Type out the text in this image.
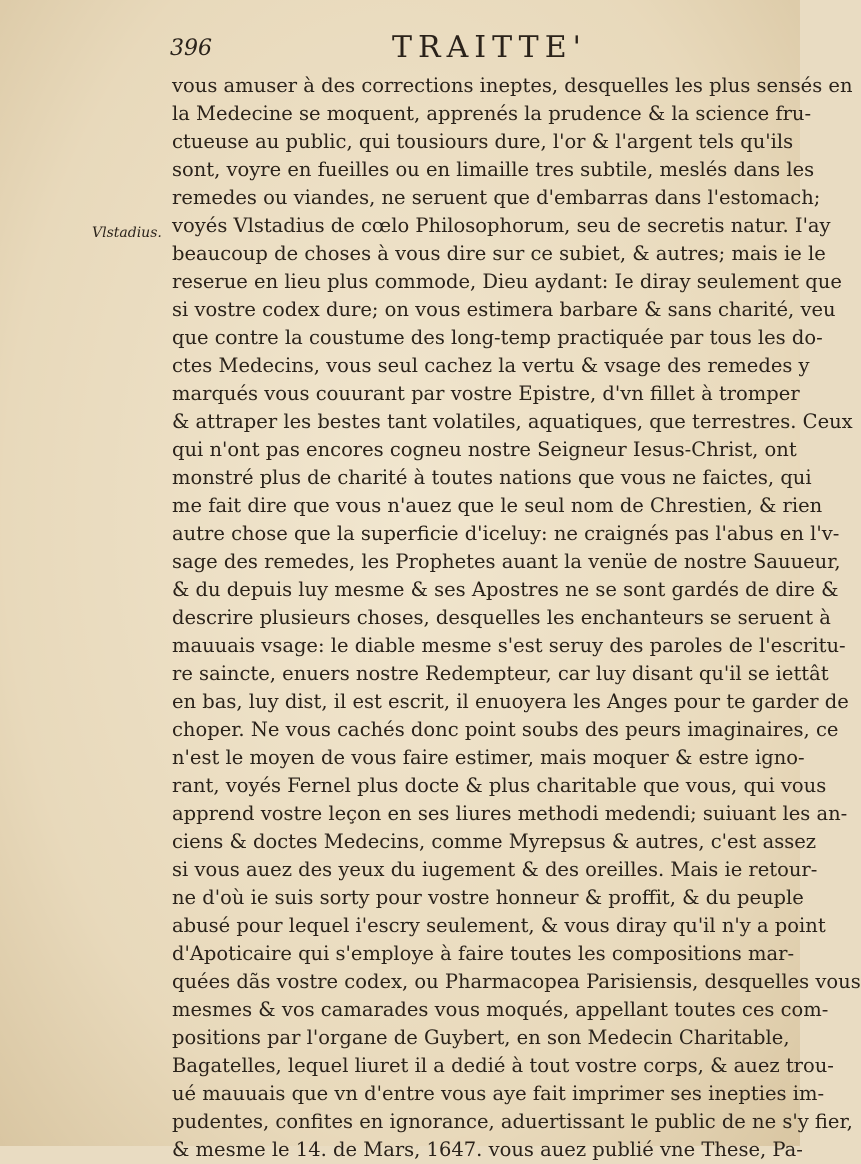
396	TRAITTE'
Vlstadius.
vous amuser à des corrections ineptes, desquelles les plus sensés en
la Medecine se moquent, apprenés la prudence & la science fru-
ctueuse au public, qui tousiours dure, l'or & l'argent tels qu'ils
sont, voyre en fueilles ou en limaille tres subtile, meslés dans les
remedes ou viandes, ne seruent que d'embarras dans l'estomach;
voyés Vlstadius de cœlo Philosophorum, seu de secretis natur. I'ay
beaucoup de choses à vous dire sur ce subiet, & autres; mais ie le
reserue en lieu plus commode, Dieu aydant: Ie diray seulement que
si vostre codex dure; on vous estimera barbare & sans charité, veu
que contre la coustume des long-temp practiquée par tous les do-
ctes Medecins, vous seul cachez la vertu & vsage des remedes y
marqués vous couurant par vostre Epistre, d'vn fillet à tromper
& attraper les bestes tant volatiles, aquatiques, que terrestres. Ceux
qui n'ont pas encores cogneu nostre Seigneur Iesus-Christ, ont
monstré plus de charité à toutes nations que vous ne faictes, qui
me fait dire que vous n'auez que le seul nom de Chrestien, & rien
autre chose que la superficie d'iceluy: ne craignés pas l'abus en l'v-
sage des remedes, les Prophetes auant la venüe de nostre Sauueur,
& du depuis luy mesme & ses Apostres ne se sont gardés de dire &
descrire plusieurs choses, desquelles les enchanteurs se seruent à
mauuais vsage: le diable mesme s'est seruy des paroles de l'escritu-
re saincte, enuers nostre Redempteur, car luy disant qu'il se iettât
en bas, luy dist, il est escrit, il enuoyera les Anges pour te garder de
choper. Ne vous cachés donc point soubs des peurs imaginaires, ce
n'est le moyen de vous faire estimer, mais moquer & estre igno-
rant, voyés Fernel plus docte & plus charitable que vous, qui vous
apprend vostre leçon en ses liures methodi medendi; suiuant les an-
ciens & doctes Medecins, comme Myrepsus & autres, c'est assez
si vous auez des yeux du iugement & des oreilles. Mais ie retour-
ne d'où ie suis sorty pour vostre honneur & proffit, & du peuple
abusé pour lequel i'escry seulement, & vous diray qu'il n'y a point
d'Apoticaire qui s'employe à faire toutes les compositions mar-
quées dãs vostre codex, ou Pharmacopea Parisiensis, desquelles vous
mesmes & vos camarades vous moqués, appellant toutes ces com-
positions par l'organe de Guybert, en son Medecin Charitable,
Bagatelles, lequel liuret il a dedié à tout vostre corps, & auez trou-
ué mauuais que vn d'entre vous aye fait imprimer ses inepties im-
pudentes, confites en ignorance, aduertissant le public de ne s'y fier,
& mesme le 14. de Mars, 1647. vous auez publié vne These, Pa-
